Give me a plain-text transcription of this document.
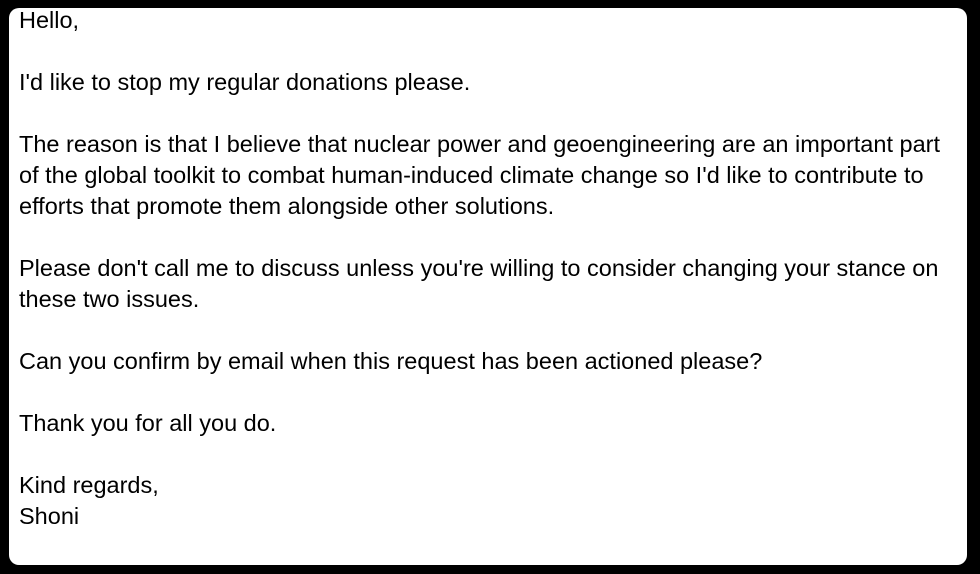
Hello,

I'd like to stop my regular donations please.

The reason is that I believe that nuclear power and geoengineering are an important part of the global toolkit to combat human-induced climate change so I'd like to contribute to efforts that promote them alongside other solutions.

Please don't call me to discuss unless you're willing to consider changing your stance on these two issues.

Can you confirm by email when this request has been actioned please?

Thank you for all you do.

Kind regards,
Shoni
